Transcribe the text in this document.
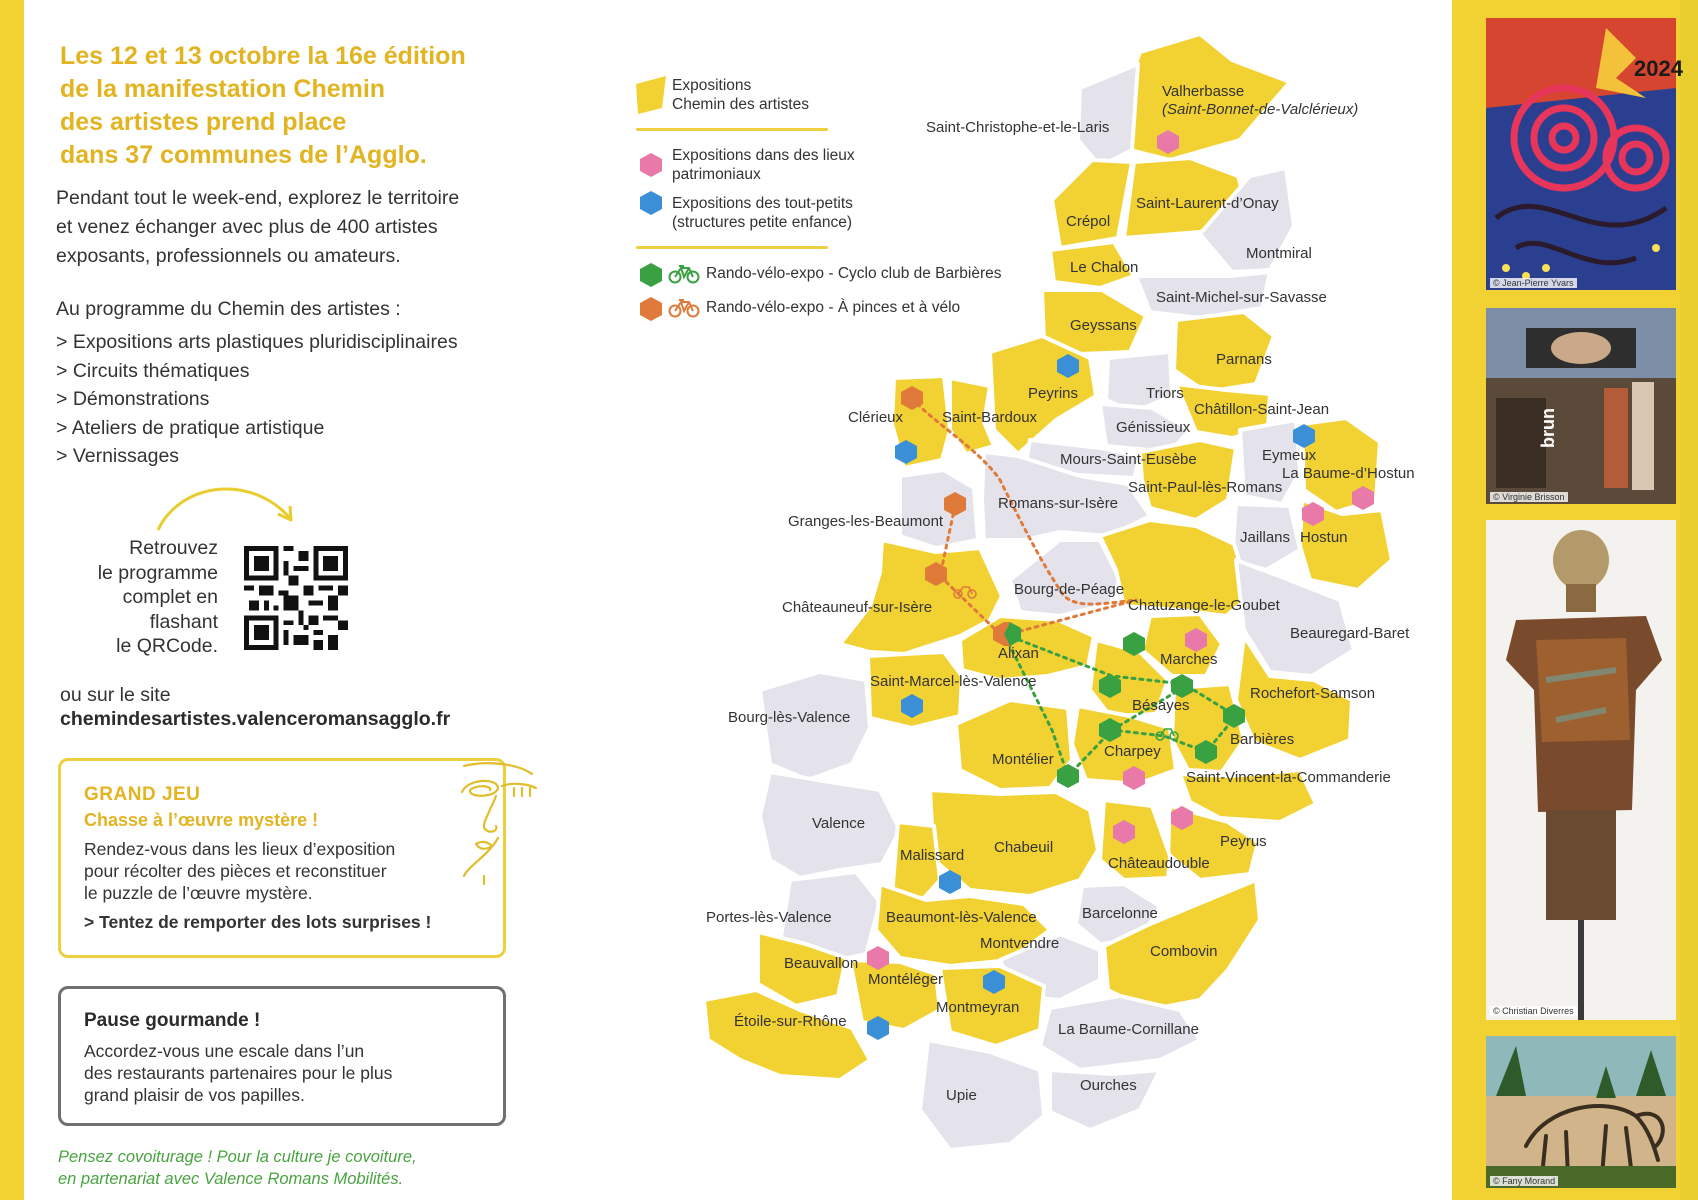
Les 12 et 13 octobre la 16e édition
de la manifestation Chemin
des artistes prend place
dans 37 communes de l’Agglo.
Pendant tout le week-end, explorez le territoire
et venez échanger avec plus de 400 artistes
exposants, professionnels ou amateurs.
Au programme du Chemin des artistes :
> Expositions arts plastiques pluridisciplinaires
> Circuits thématiques
> Démonstrations
> Ateliers de pratique artistique
> Vernissages
Retrouvez
le programme
complet en
flashant
le QRCode.
ou sur le site
chemindesartistes.valenceromansagglo.fr
GRAND JEU
Chasse à l’œuvre mystère !
Rendez-vous dans les lieux d’exposition
pour récolter des pièces et reconstituer
le puzzle de l’œuvre mystère.
> Tentez de remporter des lots surprises !
Pause gourmande !
Accordez-vous une escale dans l’un
des restaurants partenaires pour le plus
grand plaisir de vos papilles.
Pensez covoiturage ! Pour la culture je covoiture,
en partenariat avec Valence Romans Mobilités.
Expositions
Chemin des artistes
Expositions dans des lieux
patrimoniaux
Expositions des tout-petits
(structures petite enfance)
Rando-vélo-expo - Cyclo club de Barbières
Rando-vélo-expo - À pinces et à vélo
Valherbasse
(Saint-Bonnet-de-Valclérieux)
Saint-Christophe-et-le-Laris
Crépol
Saint-Laurent-d’Onay
Le Chalon
Montmiral
Saint-Michel-sur-Savasse
Geyssans
Parnans
Peyrins	Triors
Clérieux	Saint-Bardoux	Châtillon-Saint-Jean
Génissieux
Eymeux
Mours-Saint-Eusèbe
La Baume-d’Hostun
Saint-Paul-lès-Romans
Romans-sur-Isère
Granges-les-Beaumont
Jaillans Hostun
Bourg-de-Péage
Châteauneuf-sur-Isère	Chatuzange-le-Goubet
Beauregard-Baret
Alixan	Marches
Saint-Marcel-lès-Valence
Rochefort-Samson
Bésayes
Bourg-lès-Valence
Barbières
Charpey
Montélier
Saint-Vincent-la-Commanderie
Valence
Peyrus
Chabeuil
Malissard	Châteaudouble
Barcelonne
Portes-lès-Valence	Beaumont-lès-Valence
Montvendre	Combovin
Beauvallon
Montéléger
Montmeyran
Étoile-sur-Rhône	La Baume-Cornillane
Ourches
Upie
2024
© Jean-Pierre Yvars
brun
© Virginie Brisson
© Christian Diverres
© Fany Morand
